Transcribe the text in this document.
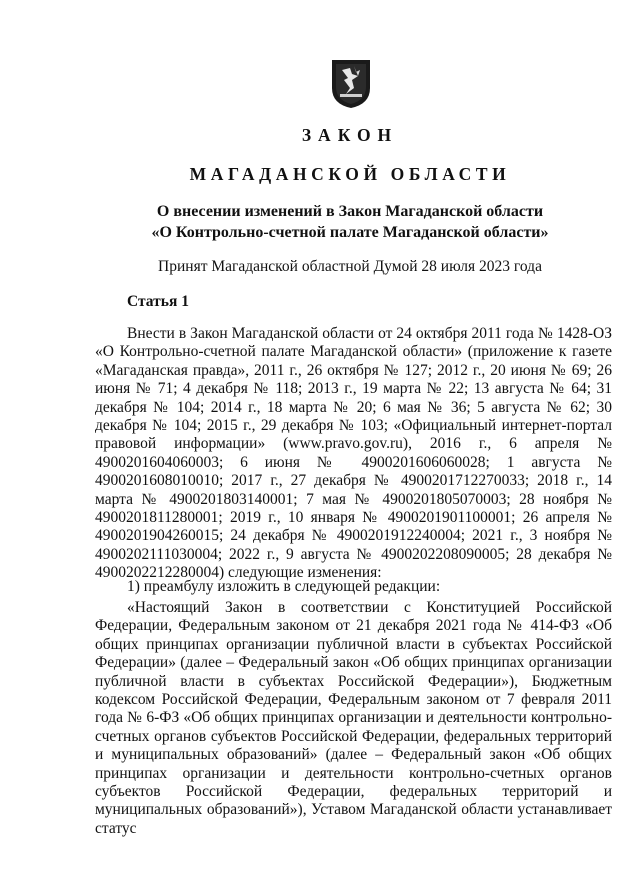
ЗАКОН
МАГАДАНСКОЙ ОБЛАСТИ
О внесении изменений в Закон Магаданской области
«О Контрольно-счетной палате Магаданской области»
Принят Магаданской областной Думой 28 июля 2023 года
Статья 1

Внести в Закон Магаданской области от 24 октября 2011 года № 1428-ОЗ «О Контрольно-счетной палате Магаданской области» (приложение к газете «Магаданская правда», 2011 г., 26 октября № 127; 2012 г., 20 июня № 69; 26 июня № 71; 4 декабря № 118; 2013 г., 19 марта № 22; 13 августа № 64; 31 декабря № 104; 2014 г., 18 марта № 20; 6 мая № 36; 5 августа № 62; 30 декабря № 104; 2015 г., 29 декабря № 103; «Официальный интернет-портал правовой информации» (www.pravo.gov.ru), 2016 г., 6 апреля № 4900201604060003; 6 июня № 4900201606060028; 1 августа № 4900201608010010; 2017 г., 27 декабря № 4900201712270033; 2018 г., 14 марта № 4900201803140001; 7 мая № 4900201805070003; 28 ноября № 4900201811280001; 2019 г., 10 января № 4900201901100001; 26 апреля № 4900201904260015; 24 декабря № 4900201912240004; 2021 г., 3 ноября № 4900202111030004; 2022 г., 9 августа № 4900202208090005; 28 декабря № 4900202212280004) следующие изменения:

1) преамбулу изложить в следующей редакции:

«Настоящий Закон в соответствии с Конституцией Российской Федерации, Федеральным законом от 21 декабря 2021 года № 414-ФЗ «Об общих принципах организации публичной власти в субъектах Российской Федерации» (далее – Федеральный закон «Об общих принципах организации публичной власти в субъектах Российской Федерации»), Бюджетным кодексом Российской Федерации, Федеральным законом от 7 февраля 2011 года № 6-ФЗ «Об общих принципах организации и деятельности контрольно-счетных органов субъектов Российской Федерации, федеральных территорий и муниципальных образований» (далее – Федеральный закон «Об общих принципах организации и деятельности контрольно-счетных органов субъектов Российской Федерации, федеральных территорий и муниципальных образований»), Уставом Магаданской области устанавливает статус
